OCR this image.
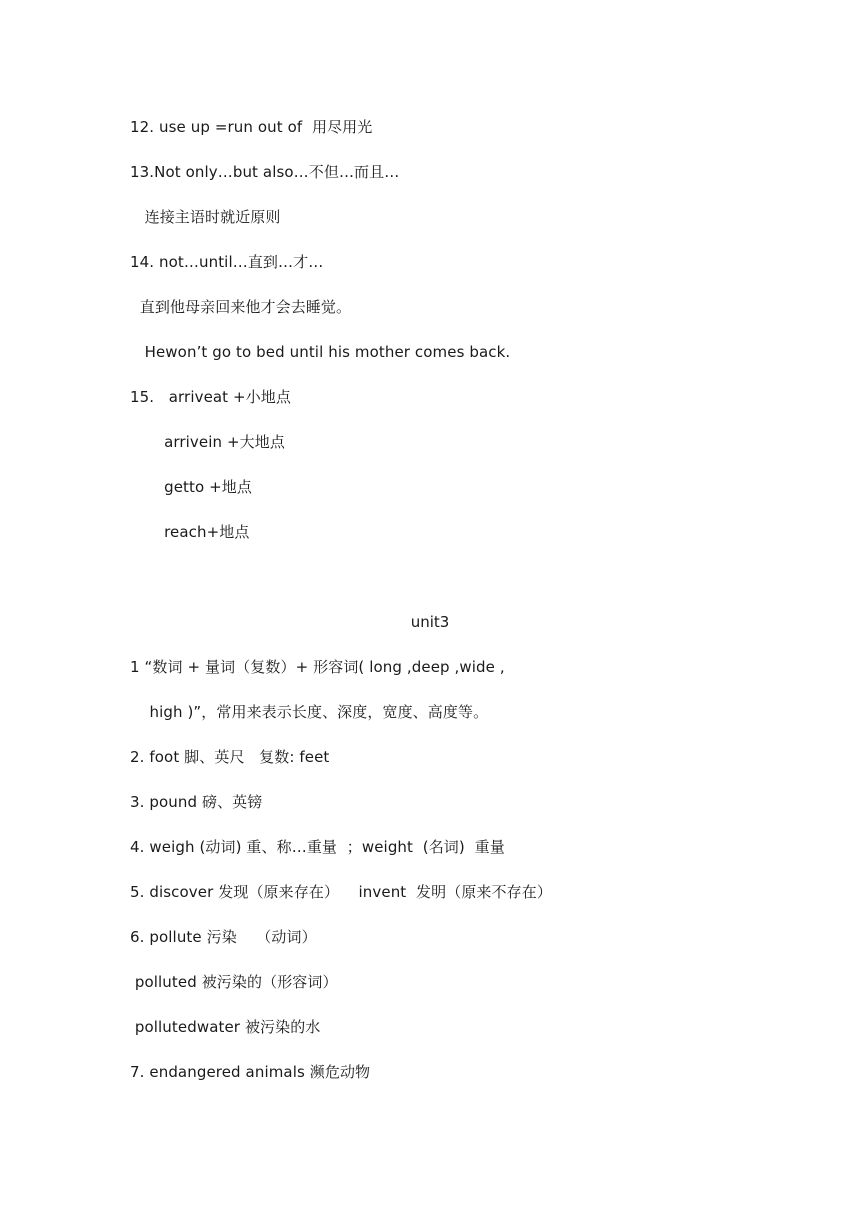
12. use up =run out of  用尽用光
13.Not only…but also…不但…而且…
连接主语时就近原则
14. not…until…直到…才…
直到他母亲回来他才会去睡觉。
Hewon’t go to bed until his mother comes back.
15.   arriveat +小地点
arrivein +大地点
getto +地点
reach+地点
unit3
1 “数词 + 量词（复数）+ 形容词( long ,deep ,wide ,
high )”，常用来表示长度、深度，宽度、高度等。
2. foot 脚、英尺   复数: feet
3. pound 磅、英镑
4. weigh (动词) 重、称…重量  ；weight  (名词)  重量
5. discover 发现（原来存在）    invent  发明（原来不存在）
6. pollute 污染    （动词）
polluted 被污染的（形容词）
pollutedwater 被污染的水
7. endangered animals 濒危动物
